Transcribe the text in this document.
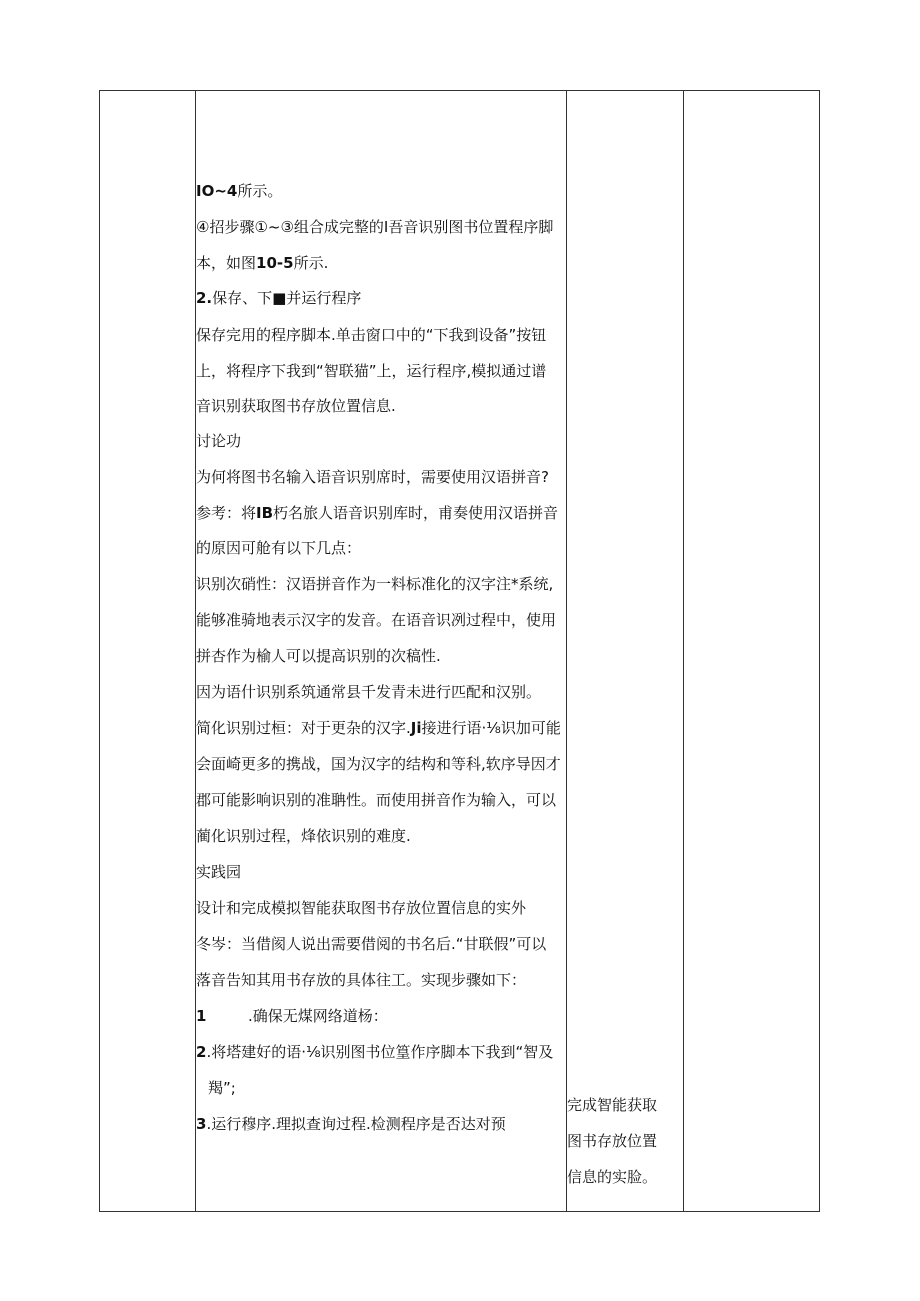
IO~4所示。
④招步骤①~③组合成完整的I吾音识别图书位置程序脚
本，如图10-5所示.
2.保存、下■并运行程序
保存完用的程序脚本.单击窗口中的“下我到设备”按钮
上，将程序下我到“智联猫”上，运行程序,模拟通过谱
音识别获取图书存放位置信息.
讨论功
为何将图书名输入语音识别席时，需要使用汉语拼音?
参考：将IB朽名旅人语音识别库时，甫奏使用汉语拼音
的原因可舱有以下几点：
识别次硝性：汉语拼音作为一料标准化的汉字注*系统,
能够准骑地表示汉字的发音。在语音识冽过程中，使用
拼杏作为榆人可以提高识别的次稿性.
因为语什识别系筑通常县千发青未进行匹配和汉别。
简化识别过桓：对于更杂的汉字.Ji接进行语·⅛识加可能
会面崎更多的携战，国为汉字的结构和等科,软序导因才
郡可能影响识别的准聃性。而使用拼音作为输入，可以
蔺化识别过程，烽依识别的难度.
实践园
设计和完成模拟智能获取图书存放位置信息的实外
冬岑：当借阂人说出需要借阅的书名后.“甘联假”可以
落音告知其用书存放的具体往工。实现步骤如下：
1	.确保无煤网络道杨：
2.将塔建好的语·⅛识别图书位篁作序脚本下我到“智及
羯”;
3.运行穆序.理拟查询过程.检测程序是否达对预
完成智能获取
图书存放位置
信息的实脸。
